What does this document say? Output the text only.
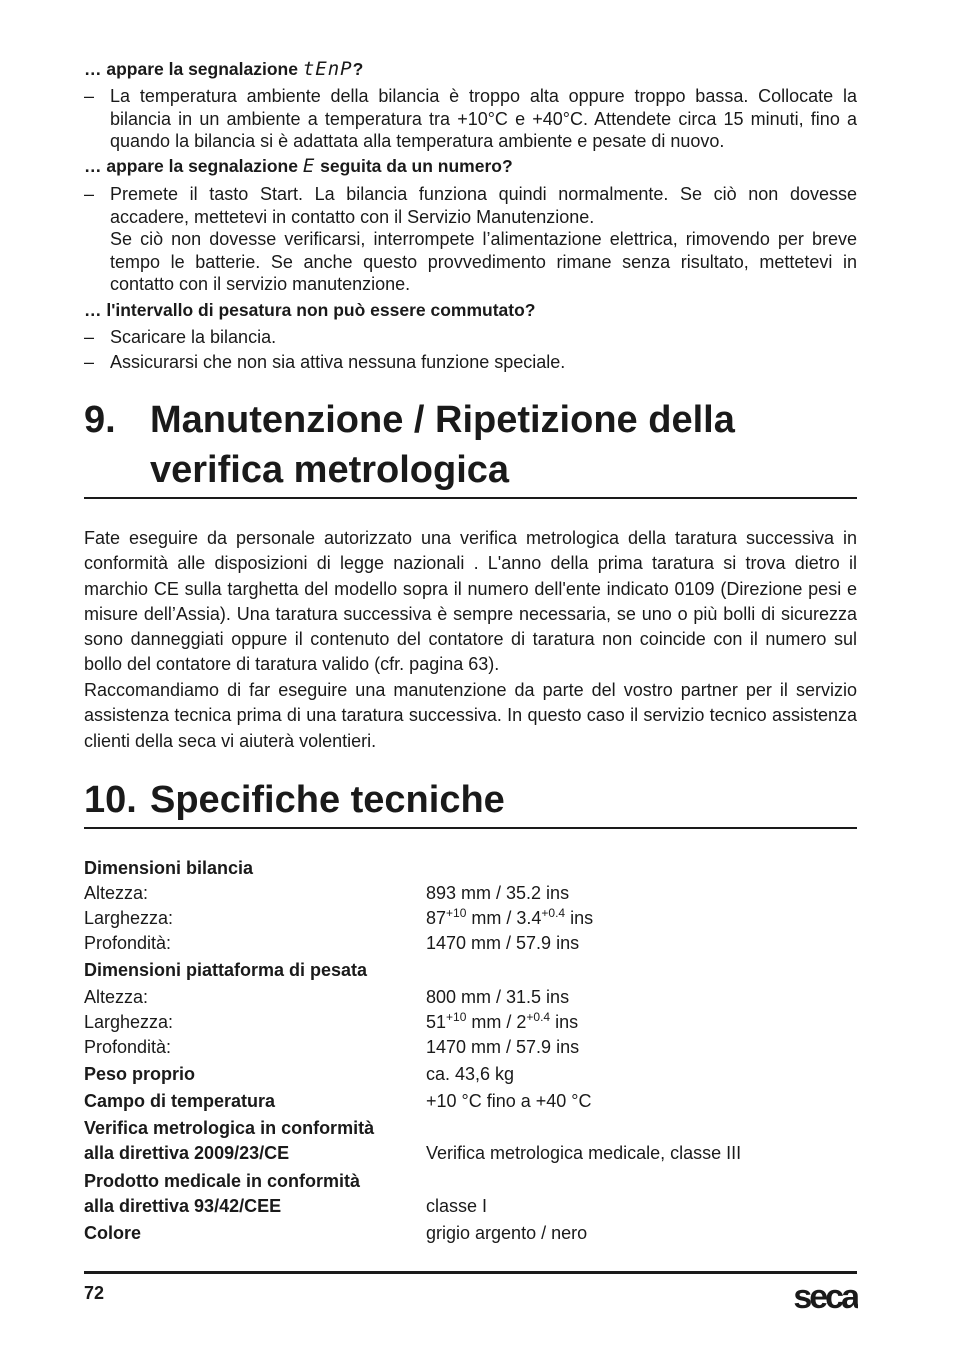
… appare la segnalazione tEnP?
– La temperatura ambiente della bilancia è troppo alta oppure troppo bassa. Collocate la bilancia in un ambiente a temperatura tra +10°C e +40°C. Attendete circa 15 minuti, fino a quando la bilancia si è adattata alla temperatura ambiente e pesate di nuovo.
… appare la segnalazione E seguita da un numero?
– Premete il tasto Start. La bilancia funziona quindi normalmente. Se ciò non dovesse accadere, mettetevi in contatto con il Servizio Manutenzione.
Se ciò non dovesse verificarsi, interrompete l’alimentazione elettrica, rimovendo per breve tempo le batterie. Se anche questo provvedimento rimane senza risultato, mettetevi in contatto con il servizio manutenzione.
… l'intervallo di pesatura non può essere commutato?
– Scaricare la bilancia.
– Assicurarsi che non sia attiva nessuna funzione speciale.
9. Manutenzione / Ripetizione della verifica metrologica
Fate eseguire da personale autorizzato una verifica metrologica della taratura successiva in conformità alle disposizioni di legge nazionali . L'anno della prima taratura si trova dietro il marchio CE sulla targhetta del modello sopra il numero dell'ente indicato 0109 (Direzione pesi e misure dell’Assia). Una taratura successiva è sempre necessaria, se uno o più bolli di sicurezza sono danneggiati oppure il contenuto del contatore di taratura non coincide con il numero sul bollo del contatore di taratura valido (cfr. pagina 63).
Raccomandiamo di far eseguire una manutenzione da parte del vostro partner per il servizio assistenza tecnica prima di una taratura successiva. In questo caso il servizio tecnico assistenza clienti della seca vi aiuterà volentieri.
10. Specifiche tecniche
Dimensioni bilancia
Altezza:	893 mm / 35.2 ins
Larghezza:	$87^{+10}$ mm / $3.4^{+0.4}$ ins
Profondità:	1470 mm / 57.9 ins
Dimensioni piattaforma di pesata
Altezza:	800 mm / 31.5 ins
Larghezza:	$51^{+10}$ mm / $2^{+0.4}$ ins
Profondità:	1470 mm / 57.9 ins
Peso proprio	ca. 43,6 kg
Campo di temperatura	+10 °C fino a +40 °C
Verifica metrologica in conformità
alla direttiva 2009/23/CE	Verifica metrologica medicale, classe III
Prodotto medicale in conformità
alla direttiva 93/42/CEE	classe I
Colore	grigio argento / nero
72	seca
